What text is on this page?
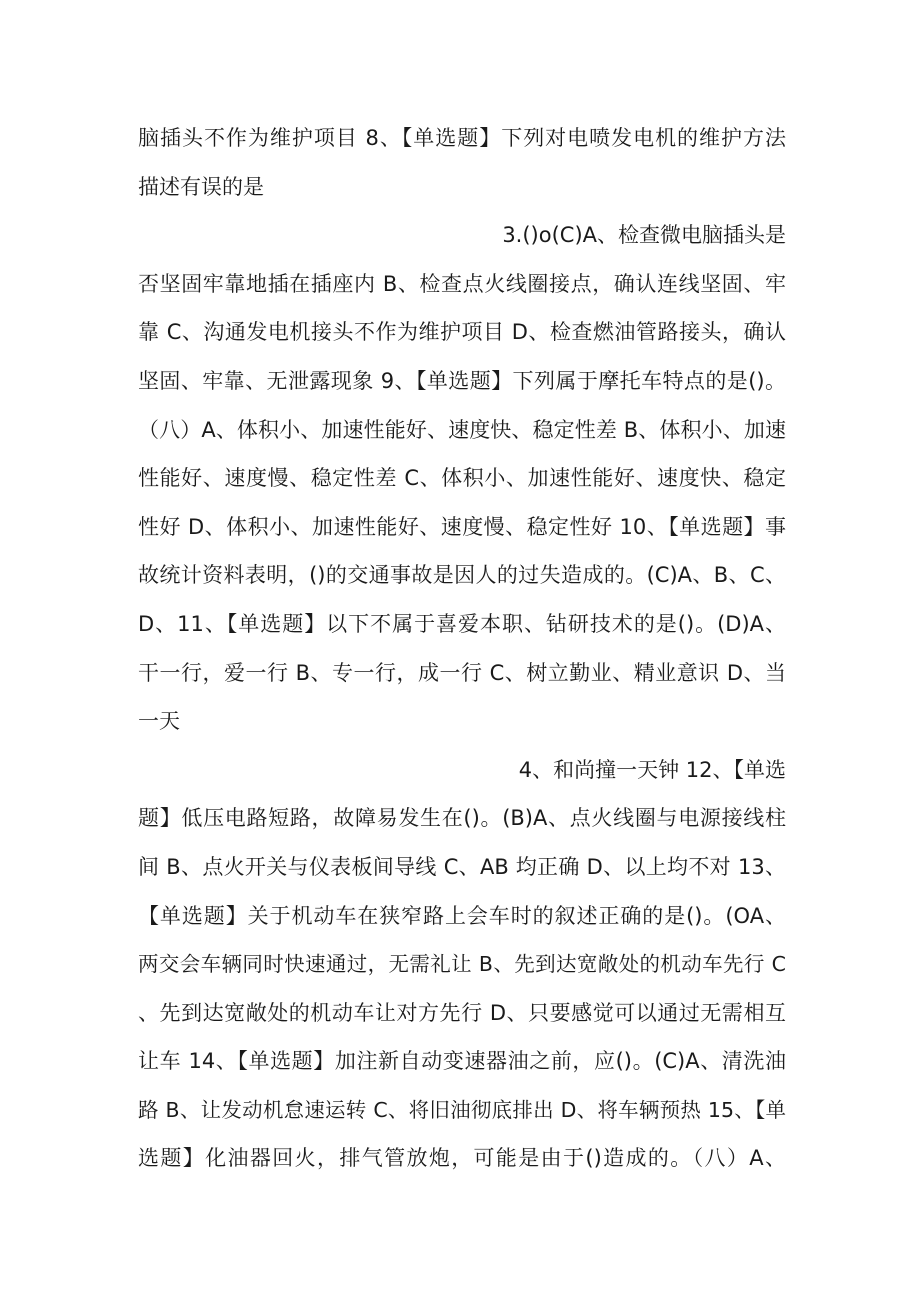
脑插头不作为维护项目 8、【单选题】下列对电喷发电机的维护方法
描述有误的是
3.()o(C)A、检查微电脑插头是
否坚固牢靠地插在插座内 B、检查点火线圈接点，确认连线坚固、牢
靠 C、沟通发电机接头不作为维护项目 D、检查燃油管路接头，确认
坚固、牢靠、无泄露现象 9、【单选题】下列属于摩托车特点的是()。
（八）A、体积小、加速性能好、速度快、稳定性差 B、体积小、加速
性能好、速度慢、稳定性差 C、体积小、加速性能好、速度快、稳定
性好 D、体积小、加速性能好、速度慢、稳定性好 10、【单选题】事
故统计资料表明，()的交通事故是因人的过失造成的。(C)A、B、C、
D、11、【单选题】以下不属于喜爱本职、钻研技术的是()。(D)A、
干一行，爱一行 B、专一行，成一行 C、树立勤业、精业意识 D、当
一天
4、和尚撞一天钟 12、【单选
题】低压电路短路，故障易发生在()。(B)A、点火线圈与电源接线柱
间 B、点火开关与仪表板间导线 C、AB 均正确 D、以上均不对 13、
【单选题】关于机动车在狭窄路上会车时的叙述正确的是()。(OA、
两交会车辆同时快速通过，无需礼让 B、先到达宽敞处的机动车先行 C
、先到达宽敞处的机动车让对方先行 D、只要感觉可以通过无需相互
让车 14、【单选题】加注新自动变速器油之前，应()。(C)A、清洗油
路 B、让发动机怠速运转 C、将旧油彻底排出 D、将车辆预热 15、【单
选题】化油器回火，排气管放炮，可能是由于()造成的。（八）A、
